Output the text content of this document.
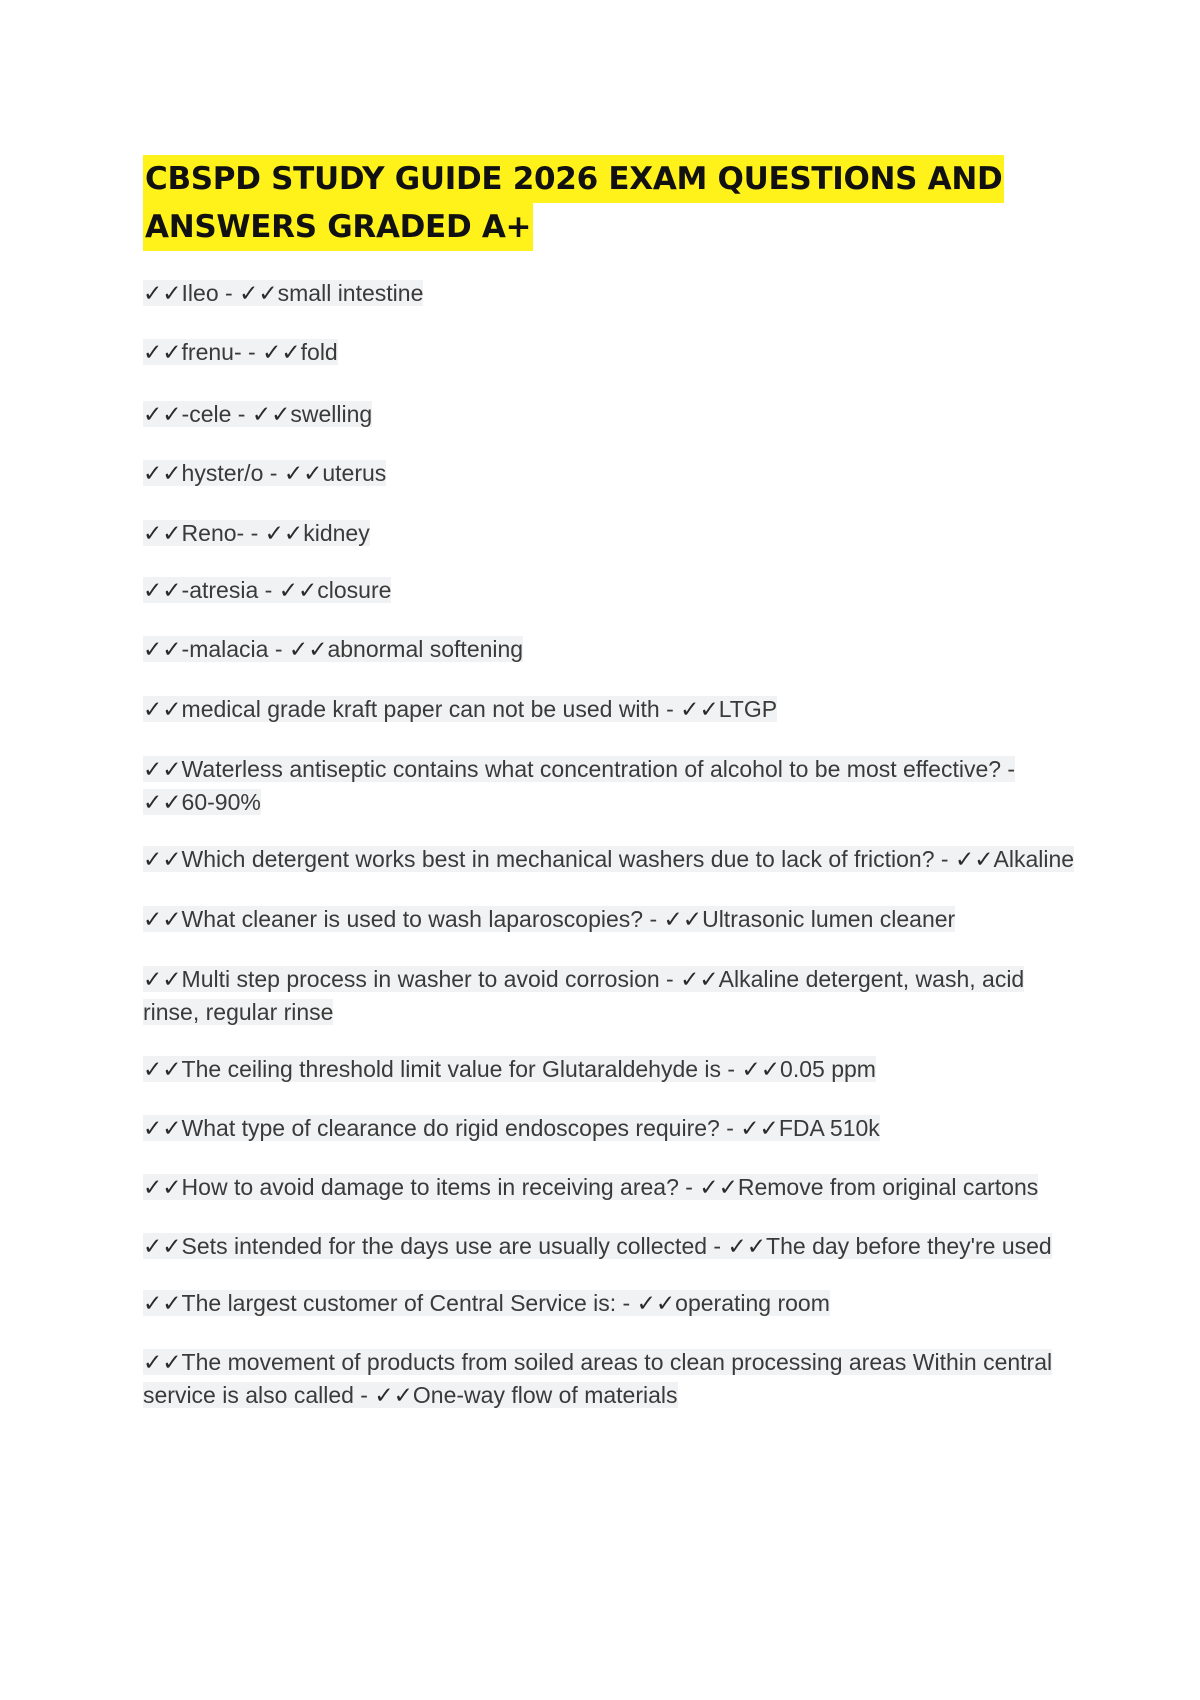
CBSPD STUDY GUIDE 2026 EXAM QUESTIONS AND
ANSWERS GRADED A+
✓✓Ileo - ✓✓small intestine
✓✓frenu- - ✓✓fold
✓✓-cele - ✓✓swelling
✓✓hyster/o - ✓✓uterus
✓✓Reno- - ✓✓kidney
✓✓-atresia - ✓✓closure
✓✓-malacia - ✓✓abnormal softening
✓✓medical grade kraft paper can not be used with - ✓✓LTGP
✓✓Waterless antiseptic contains what concentration of alcohol to be most effective? - ✓✓60-90%
✓✓Which detergent works best in mechanical washers due to lack of friction? - ✓✓Alkaline
✓✓What cleaner is used to wash laparoscopies? - ✓✓Ultrasonic lumen cleaner
✓✓Multi step process in washer to avoid corrosion - ✓✓Alkaline detergent, wash, acid rinse, regular rinse
✓✓The ceiling threshold limit value for Glutaraldehyde is - ✓✓0.05 ppm
✓✓What type of clearance do rigid endoscopes require? - ✓✓FDA 510k
✓✓How to avoid damage to items in receiving area? - ✓✓Remove from original cartons
✓✓Sets intended for the days use are usually collected - ✓✓The day before they're used
✓✓The largest customer of Central Service is: - ✓✓operating room
✓✓The movement of products from soiled areas to clean processing areas Within central service is also called - ✓✓One-way flow of materials
